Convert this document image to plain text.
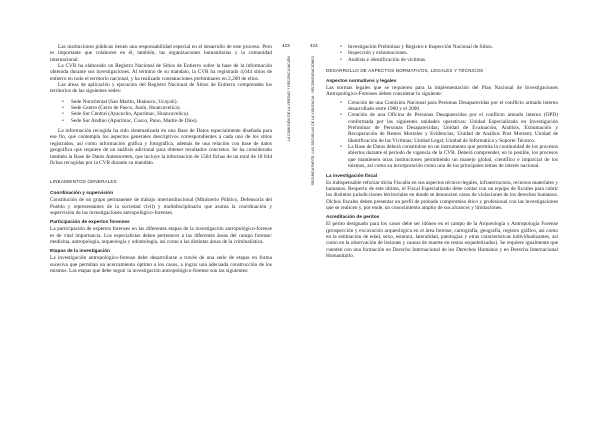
423	424
LA COMISIÓN DE LA VERDAD Y RECONCILIACIÓN	SEGUNDA PARTE: LAS SECUELAS DE LA VIOLENCIA · RECOMENDACIONES

Las instituciones públicas tienen una responsabilidad especial en el desarrollo de este proceso. Pero es importante que colaboren en él, también, las organizaciones humanitarias y la comunidad internacional.

La CVR ha elaborado un Registro Nacional de Sitios de Entierro sobre la base de la información obtenida durante sus investigaciones. Al término de su mandato, la CVR ha registrado 4,644 sitios de entierro en todo el territorio nacional, y ha realizado constataciones preliminares en 2,200 de ellos.

Las áreas de aplicación y ejecución del Registro Nacional de Sitios de Entierro comprenden los territorios de las siguientes sedes:

• Sede Nororiental (San Martín, Huánuco, Ucayali).
• Sede Centro (Cerro de Pasco, Junín, Huancavelica).
• Sede Sur Central (Ayacucho, Apurímac, Huancavelica).
• Sede Sur Andino (Apurímac, Cusco, Puno, Madre de Dios).

La información recogida ha sido sistematizada en una Base de Datos especialmente diseñada para ese fin, que contempla los aspectos generales descriptivos correspondientes a cada uno de los sitios registrados, así como información gráfica y fotográfica, además de una relación con base de datos geográfica que requiere de un análisis adicional para obtener resultados concretos. Se ha considerado también la Base de Datos Antemortem, que incluye la información de 1504 fichas de un total de 18 844 fichas recogidas por la CVR durante su mandato.

LINEAMIENTOS GENERALES
Coordinación y supervisión

Constitución de un grupo permanente de trabajo interinstitucional (Ministerio Público, Defensoría del Pueblo y representantes de la sociedad civil) y multidisciplinario que asuma la coordinación y supervisión de las investigaciones antropológico-forenses.

Participación de expertos forenses

La participación de expertos forenses en las diferentes etapas de la investigación antropológico-forense es de vital importancia. Los especialistas deben pertenecer a las diferentes áreas del campo forense: medicina, antropología, arqueología y odontología, así como a las distintas áreas de la criminalística.

Etapas de la investigación

La investigación antropológico-forense debe desarrollarse a través de una serie de etapas en forma sucesiva que permitan un acercamiento óptimo a los casos, a lograr una adecuada construcción de los mismos. Las etapas que debe seguir la investigación antropológico-forense son las siguientes:

• Investigación Preliminar y Registro e Inspección Nacional de Sitios.
• Inspección y exhumaciones.
• Análisis e identificación de víctimas.
DESARROLLO DE ASPECTOS NORMATIVOS, LEGALES Y TÉCNICOS
Aspectos normativos y legales

Las normas legales que se requieren para la implementación del Plan Nacional de Investigaciones Antropológico-Forenses deben considerar lo siguiente:

• Creación de una Comisión Nacional para Personas Desaparecidas por el conflicto armado interno desarrollado entre 1980 y el 2000.
• Creación de una Oficina de Personas Desaparecidas por el conflicto armado interno (OPD) conformada por las siguientes unidades operativas: Unidad Especializada en Investigación Preliminar de Personas Desaparecidas; Unidad de Evaluación, Análisis, Exhumación y Recuperación de Restos Mortales y Evidencias; Unidad de Análisis Post Mortem; Unidad de Identificación de las Víctimas; Unidad Legal; Unidad de Informática y Soporte Técnico.
• La Base de Datos deberá constituirse en un instrumento que permita la continuidad de los procesos abiertos durante el período de vigencia de la CVR. Deberá comprender, en lo posible, los procesos que mantienen otras instituciones permitiendo un manejo global, científico e imparcial de los mismos, así como su incorporación como uno de los principales temas de interés nacional.
La investigación fiscal

Es indispensable reforzar dicha Fiscalía en sus aspectos técnico-legales, infraestructura, recursos materiales y humanos. Respecto de este último, el Fiscal Especializado debe contar con un equipo de fiscales para cubrir los distintos jurisdicciones territoriales en donde se denuncien casos de violaciones de los derechos humanos. Dichos fiscales deben presentar un perfil de probado compromiso ético y profesional con las investigaciones que se realicen y, por ende, un conocimiento amplio de sus alcances y limitaciones.

Acreditación de peritos

El perito designado para los casos debe ser idóneo en el campo de la Arqueología y Antropología Forense (prospección y excavación arqueológica en el área forense, cartografía, geografía, registro gráfico, así como en la estimación de edad, sexo, estatura, lateralidad, patologías y otras características individualizantes, así como en la observación de lesiones y causas de muerte en restos esqueletizados). Se requiere igualmente que cuenten con una formación en Derecho Internacional de los Derechos Humanos y en Derecho Internacional Humanitario.
